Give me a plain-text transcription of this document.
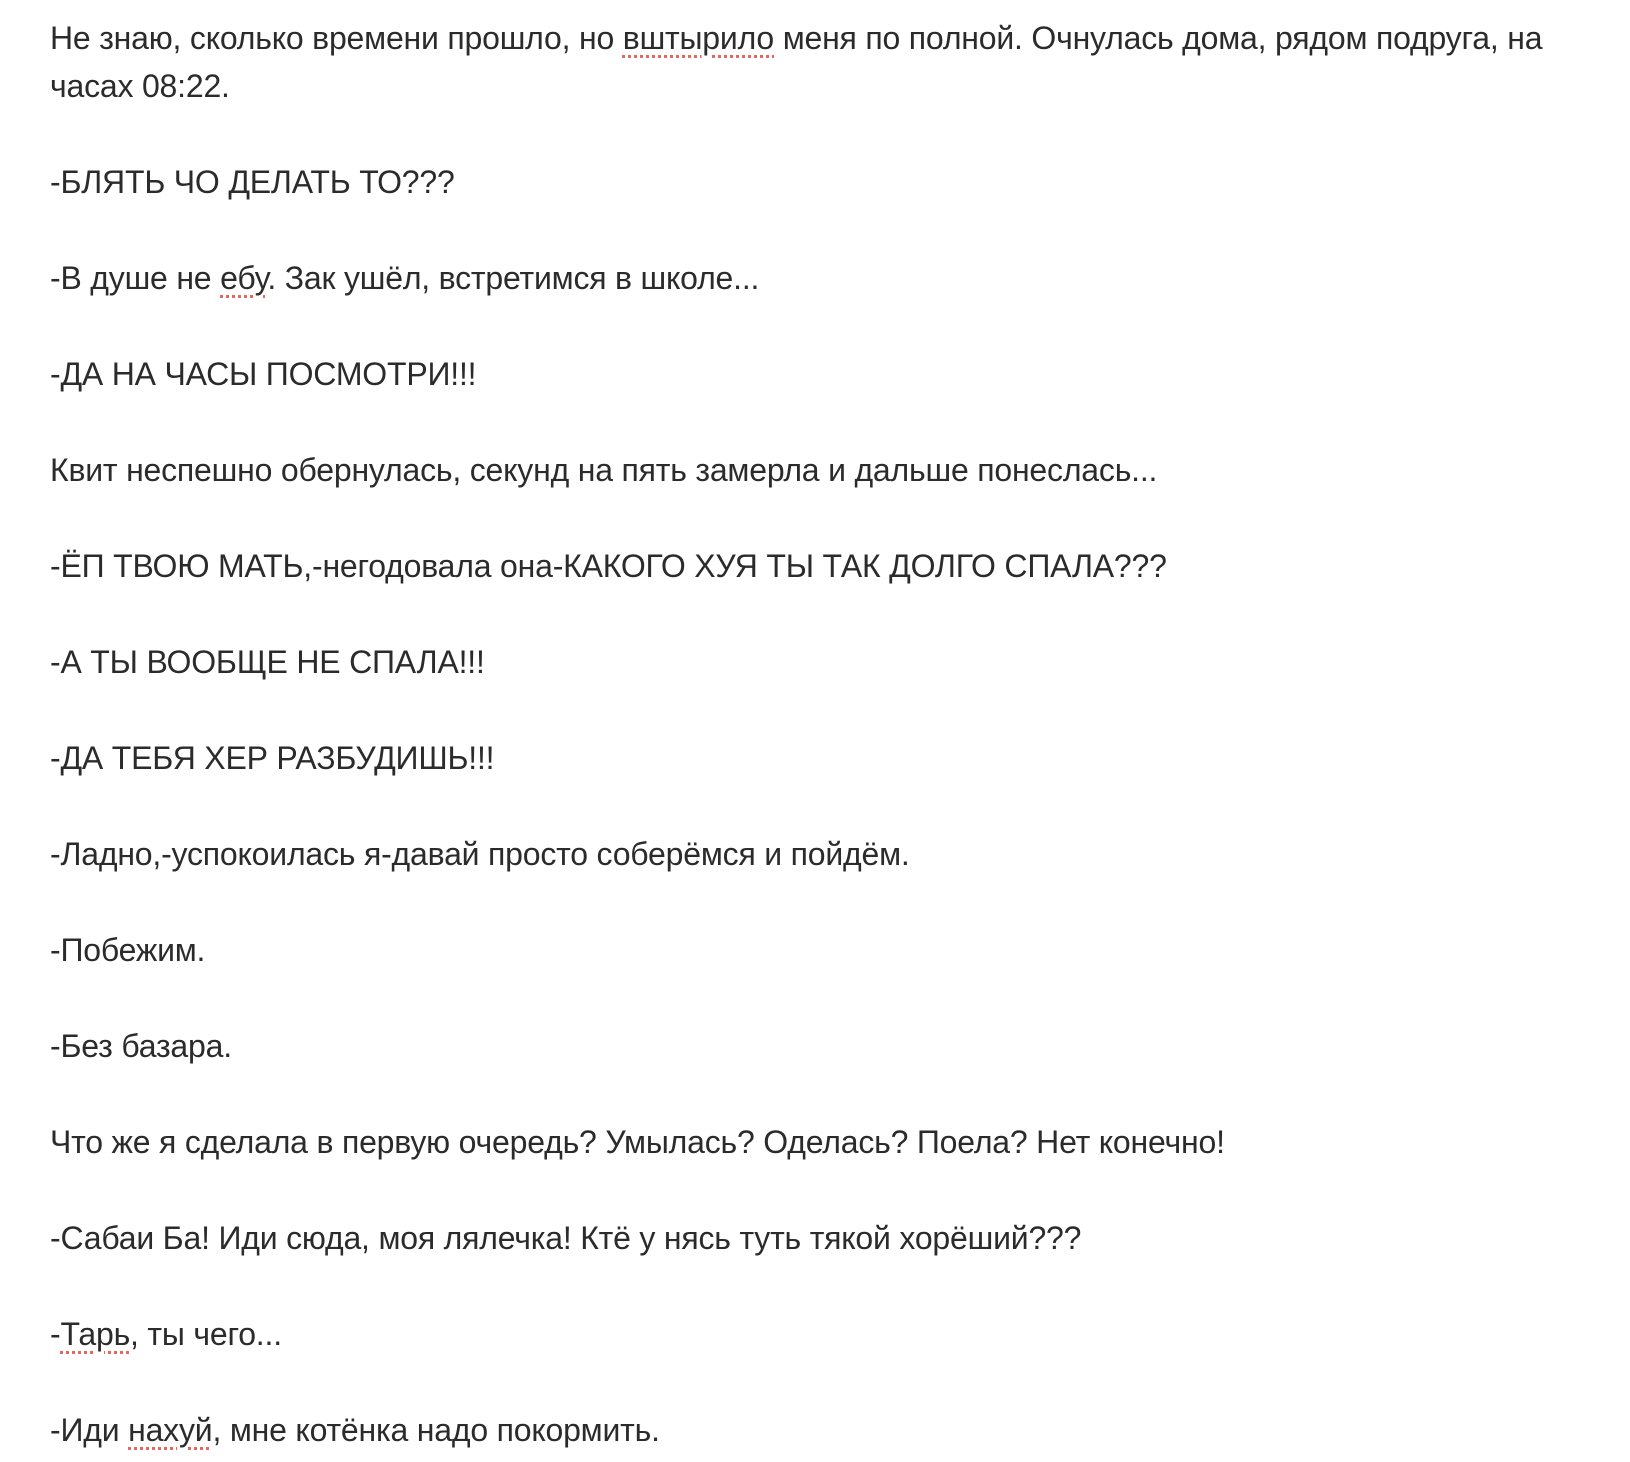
Не знаю, сколько времени прошло, но вштырило меня по полной. Очнулась дома, рядом подруга, на часах 08:22.

-БЛЯТЬ ЧО ДЕЛАТЬ ТО???

-В душе не ебу. Зак ушёл, встретимся в школе...

-ДА НА ЧАСЫ ПОСМОТРИ!!!

Квит неспешно обернулась, секунд на пять замерла и дальше понеслась...

-ЁП ТВОЮ МАТЬ,-негодовала она-КАКОГО ХУЯ ТЫ ТАК ДОЛГО СПАЛА???

-А ТЫ ВООБЩЕ НЕ СПАЛА!!!

-ДА ТЕБЯ ХЕР РАЗБУДИШЬ!!!

-Ладно,-успокоилась я-давай просто соберёмся и пойдём.

-Побежим.

-Без базара.

Что же я сделала в первую очередь? Умылась? Оделась? Поела? Нет конечно!

-Сабаи Ба! Иди сюда, моя лялечка! Ктё у нясь туть тякой хорёший???

-Тарь, ты чего...

-Иди нахуй, мне котёнка надо покормить.
